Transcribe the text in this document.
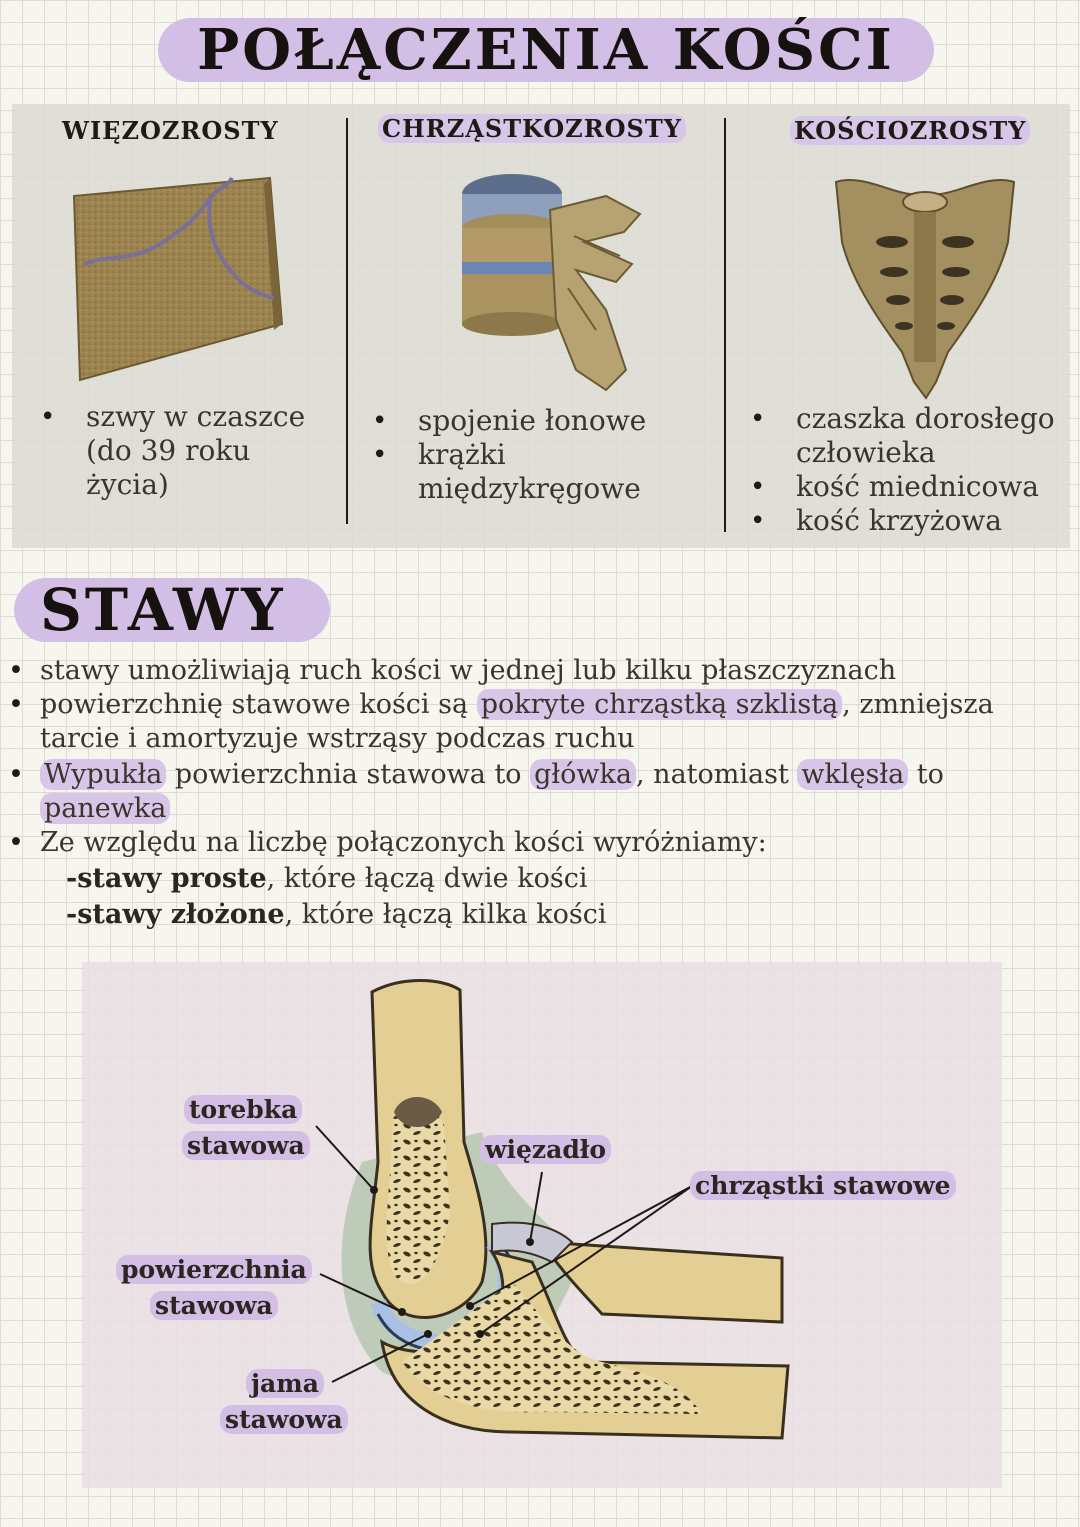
POŁĄCZENIA KOŚCI
WIĘZOZROSTY
• szwy w czaszce
(do 39 roku
życia)
CHRZĄSTKOZROSTY
• spojenie łonowe
• krążki
międzykręgowe
KOŚCIOZROSTY
• czaszka dorosłego
człowieka
• kość miednicowa
• kość krzyżowa
STAWY
• stawy umożliwiają ruch kości w jednej lub kilku płaszczyznach
• powierzchnię stawowe kości są pokryte chrząstką szklistą , zmniejsza
tarcie i amortyzuje wstrząsy podczas ruchu
• Wypukła powierzchnia stawowa to główka , natomiast wklęsła to
panewka
• Ze względu na liczbę połączonych kości wyróżniamy:
-stawy proste, które łączą dwie kości
-stawy złożone, które łączą kilka kości
torebka
stawowa	więzadło
chrząstki stawowe
powierzchnia
stawowa
jama
stawowa
